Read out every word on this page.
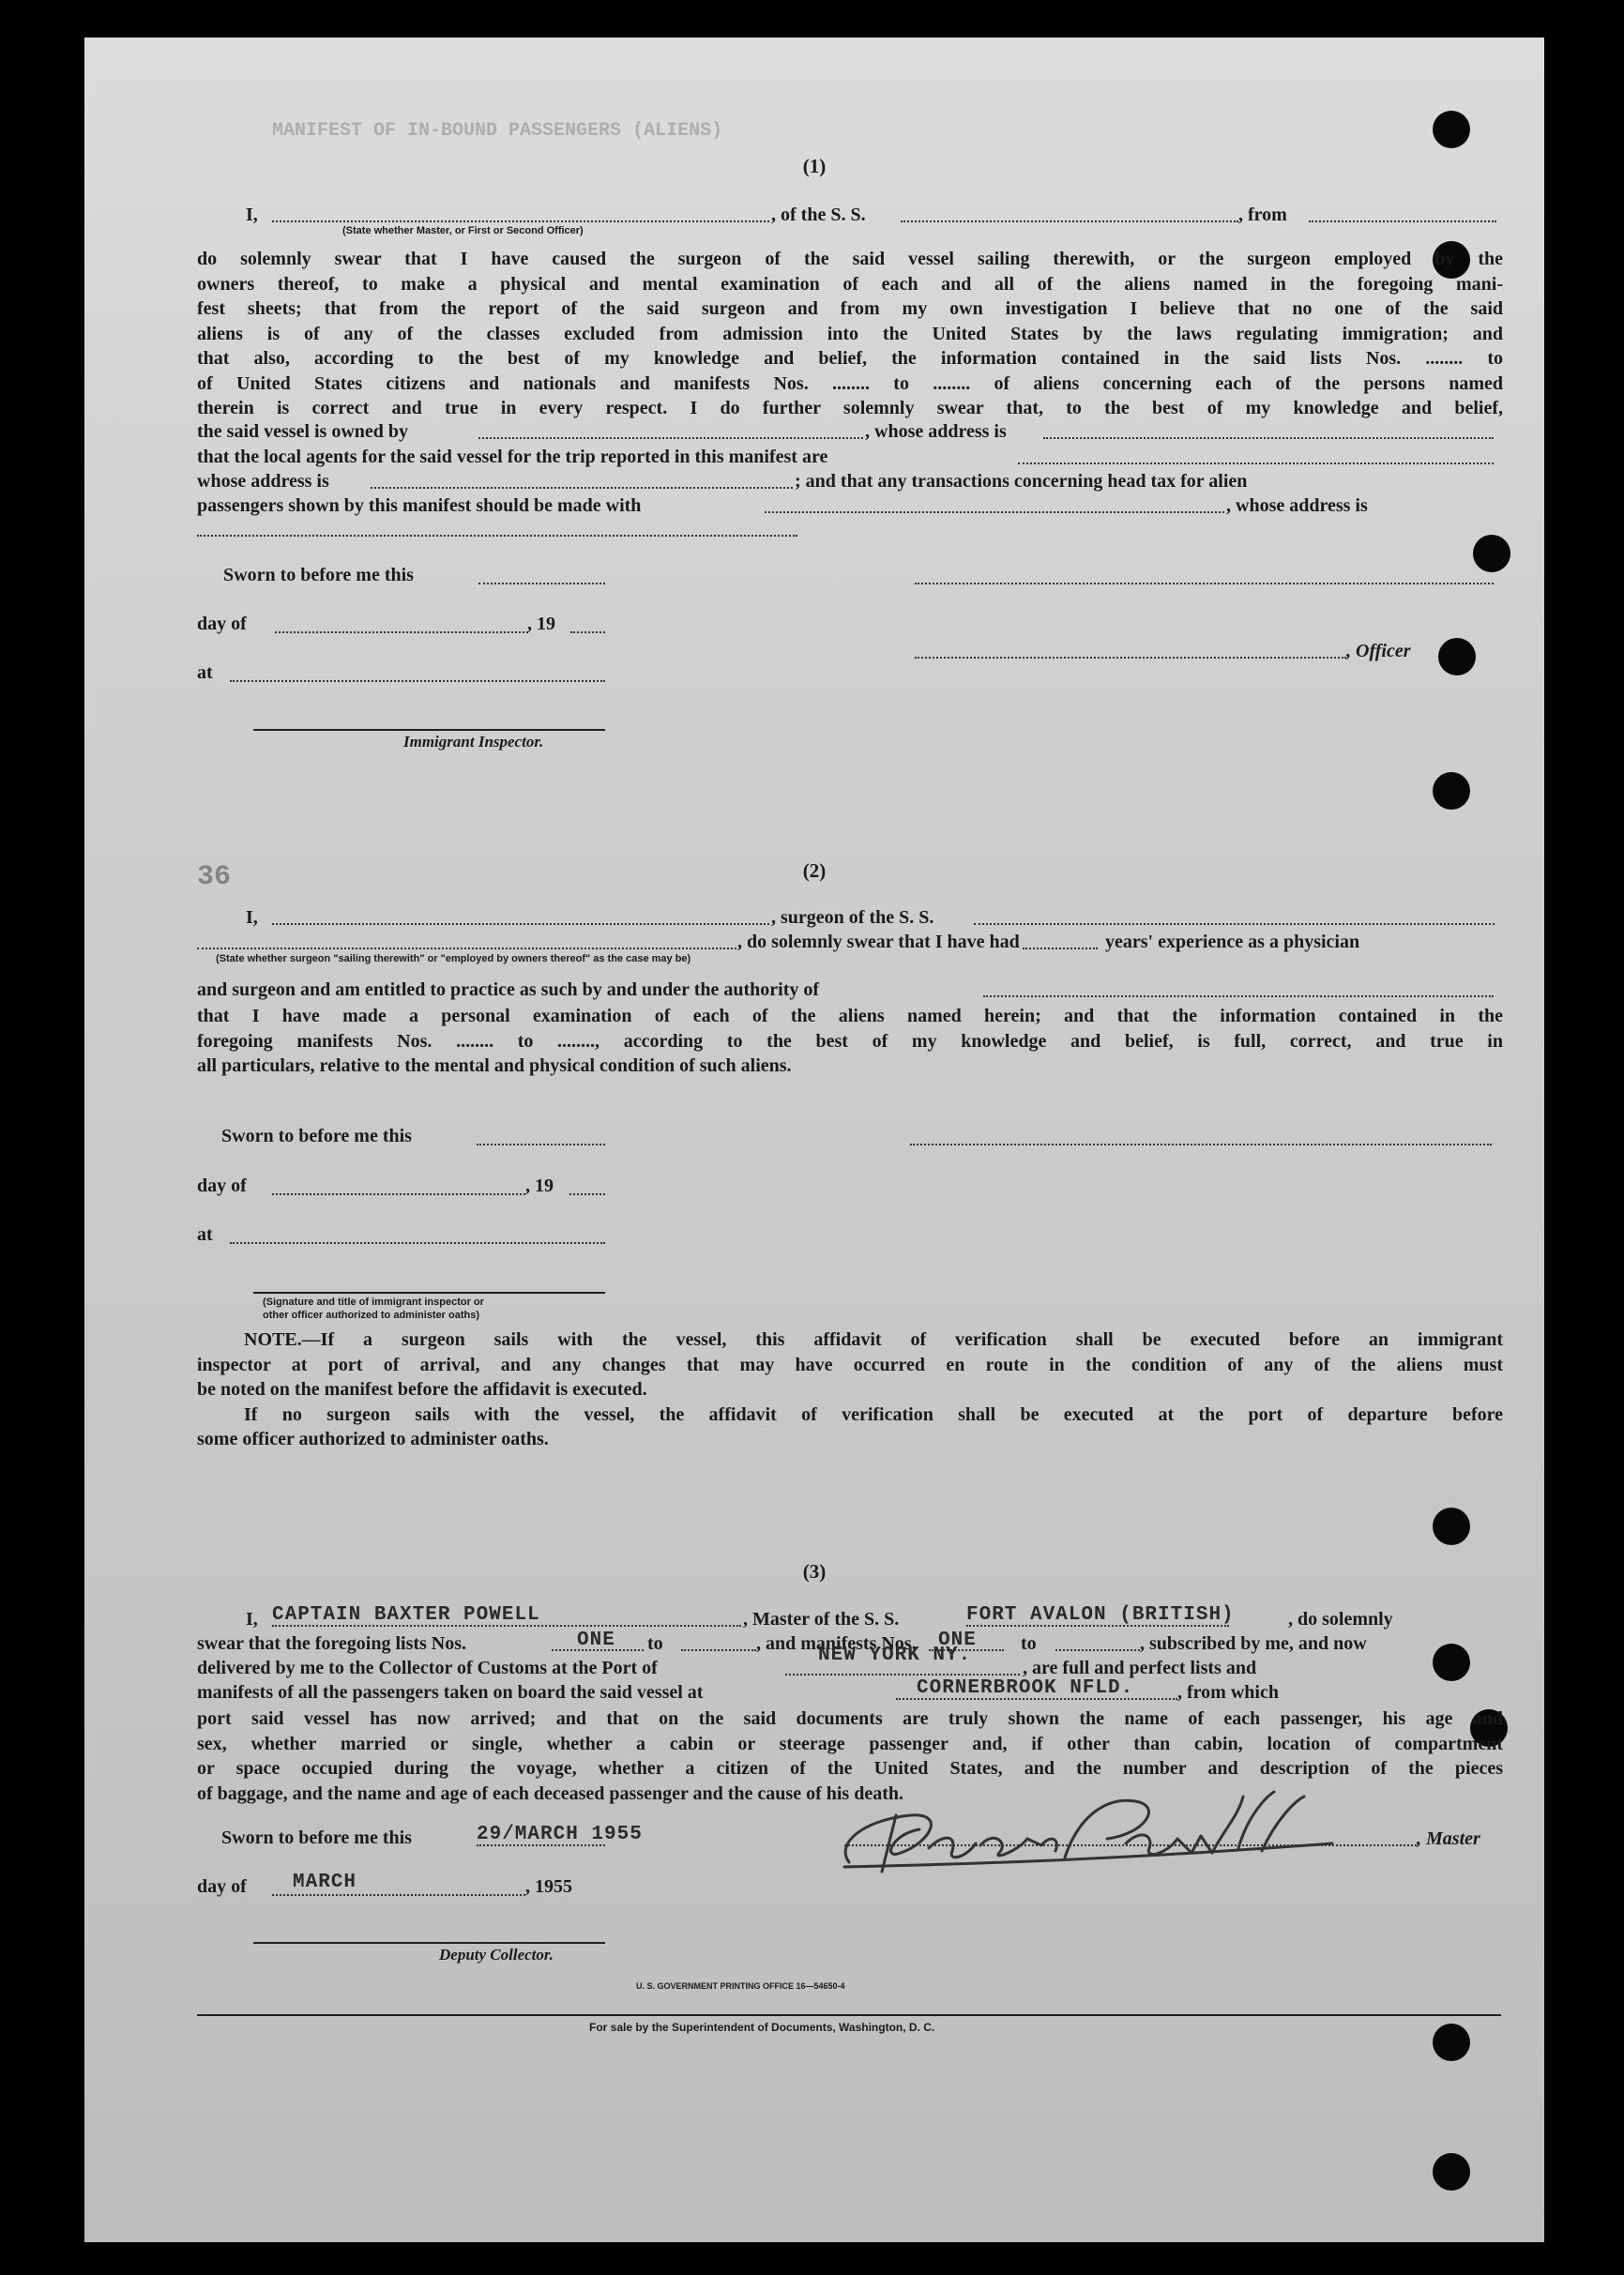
MANIFEST OF IN-BOUND PASSENGERS (ALIENS)
36
(1)
I,	, of the S. S.	, from
(State whether Master, or First or Second Officer)
do solemnly swear that I have caused the surgeon of the said vessel sailing therewith, or the surgeon employed by the
owners thereof, to make a physical and mental examination of each and all of the aliens named in the foregoing mani-
fest sheets; that from the report of the said surgeon and from my own investigation I believe that no one of the said
aliens is of any of the classes excluded from admission into the United States by the laws regulating immigration; and
that also, according to the best of my knowledge and belief, the information contained in the said lists Nos. ........ to
of United States citizens and nationals and manifests Nos. ........ to ........ of aliens concerning each of the persons named
therein is correct and true in every respect. I do further solemnly swear that, to the best of my knowledge and belief,
the said vessel is owned by	, whose address is
that the local agents for the said vessel for the trip reported in this manifest are
whose address is	; and that any transactions concerning head tax for alien
passengers shown by this manifest should be made with	, whose address is
Sworn to before me this
day of	, 19
, Officer
at
Immigrant Inspector.
(2)
I,	, surgeon of the S. S.
, do solemnly swear that I have had	years' experience as a physician
(State whether surgeon "sailing therewith" or "employed by owners thereof" as the case may be)
and surgeon and am entitled to practice as such by and under the authority of
that I have made a personal examination of each of the aliens named herein; and that the information contained in the
foregoing manifests Nos. ........ to ........, according to the best of my knowledge and belief, is full, correct, and true in
all particulars, relative to the mental and physical condition of such aliens.
Sworn to before me this
day of	, 19
at
(Signature and title of immigrant inspector or
other officer authorized to administer oaths)
NOTE.—If a surgeon sails with the vessel, this affidavit of verification shall be executed before an immigrant
inspector at port of arrival, and any changes that may have occurred en route in the condition of any of the aliens must
be noted on the manifest before the affidavit is executed.
If no surgeon sails with the vessel, the affidavit of verification shall be executed at the port of departure before
some officer authorized to administer oaths.
(3)
I, CAPTAIN BAXTER POWELL	, Master of the S. S.	FORT AVALON (BRITISH)	, do solemnly
swear that the foregoing lists Nos.	ONE to	, and manifests Nos. ONE to	, subscribed by me, and now
delivered by me to the Collector of Customs at the Port of
NEW YORK NY.
, are full and perfect lists and
manifests of all the passengers taken on board the said vessel at	CORNERBROOK NFLD. , from which
port said vessel has now arrived; and that on the said documents are truly shown the name of each passenger, his age and
sex, whether married or single, whether a cabin or steerage passenger and, if other than cabin, location of compartment
or space occupied during the voyage, whether a citizen of the United States, and the number and description of the pieces
of baggage, and the name and age of each deceased passenger and the cause of his death.
Sworn to before me this	29/MARCH 1955	, Master
day of MARCH	, 1955
Deputy Collector.
U. S. GOVERNMENT PRINTING OFFICE 16—54650-4
For sale by the Superintendent of Documents, Washington, D. C.
